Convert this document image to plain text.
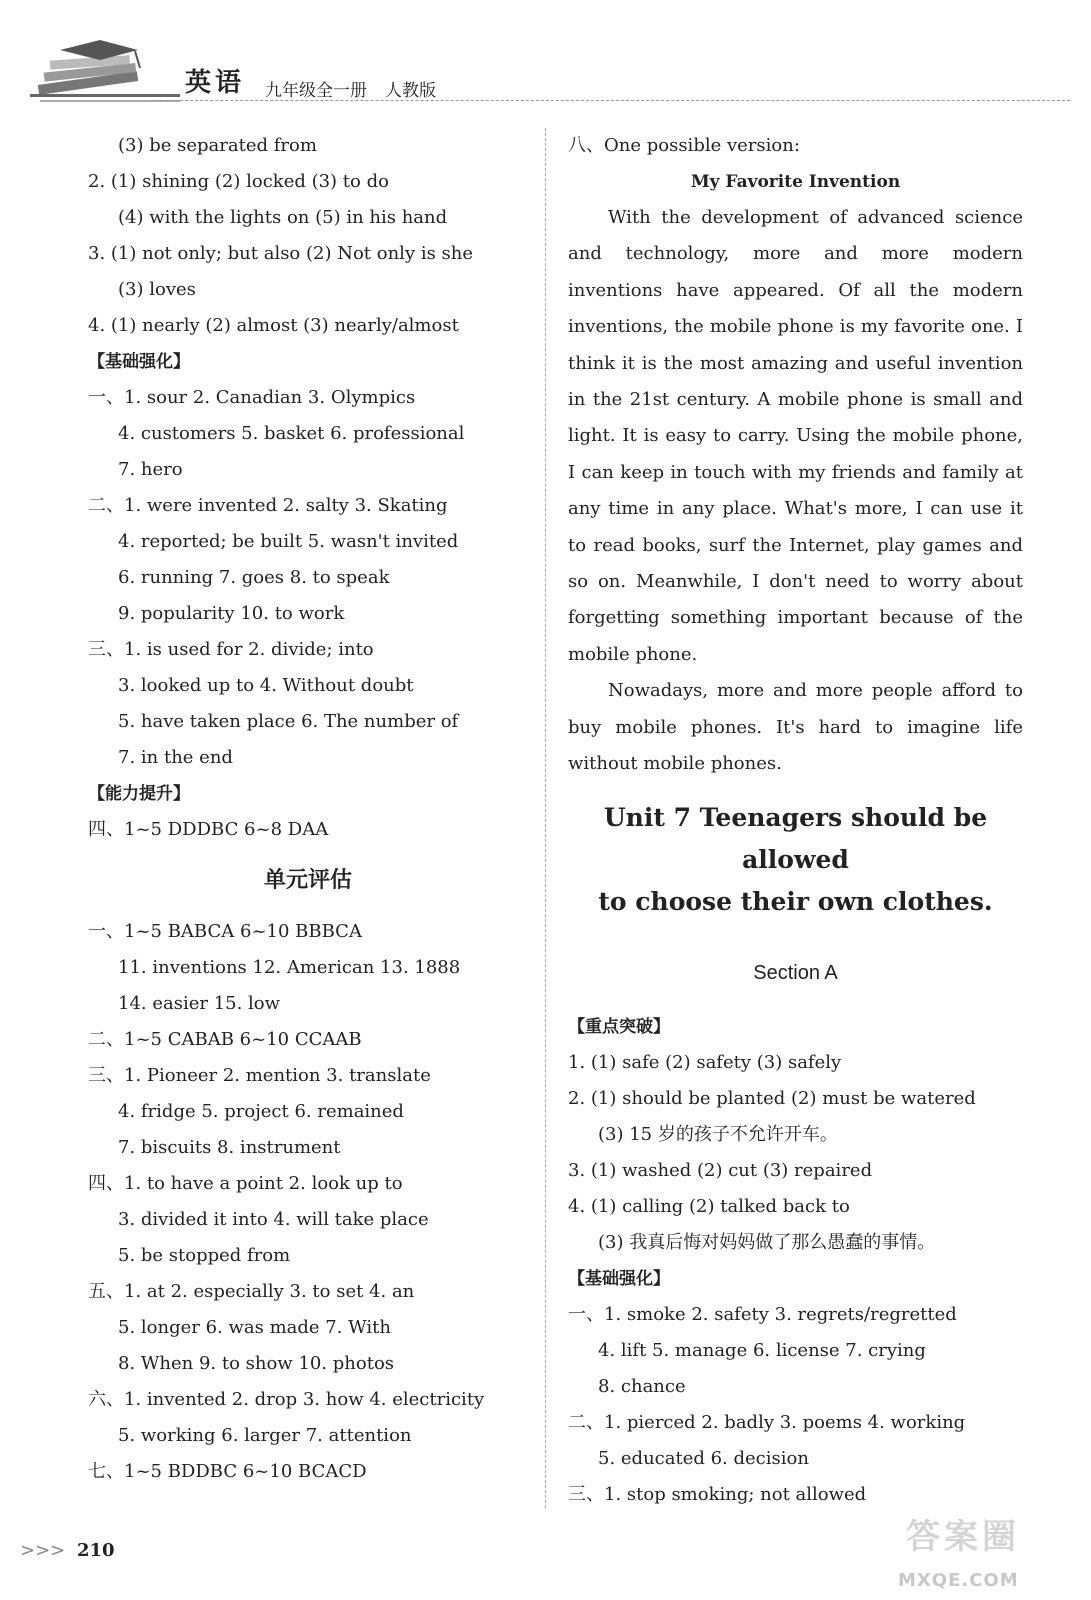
英语 九年级全一册 人教版
(3) be separated from
2. (1) shining (2) locked (3) to do
(4) with the lights on (5) in his hand
3. (1) not only; but also (2) Not only is she
(3) loves
4. (1) nearly (2) almost (3) nearly/almost
【基础强化】
一、1. sour 2. Canadian 3. Olympics
4. customers 5. basket 6. professional
7. hero
二、1. were invented 2. salty 3. Skating
4. reported; be built 5. wasn't invited
6. running 7. goes 8. to speak
9. popularity 10. to work
三、1. is used for 2. divide; into
3. looked up to 4. Without doubt
5. have taken place 6. The number of
7. in the end
【能力提升】
四、1~5 DDDBC 6~8 DAA
单元评估
一、1~5 BABCA 6~10 BBBCA
11. inventions 12. American 13. 1888
14. easier 15. low
二、1~5 CABAB 6~10 CCAAB
三、1. Pioneer 2. mention 3. translate
4. fridge 5. project 6. remained
7. biscuits 8. instrument
四、1. to have a point 2. look up to
3. divided it into 4. will take place
5. be stopped from
五、1. at 2. especially 3. to set 4. an
5. longer 6. was made 7. With
8. When 9. to show 10. photos
六、1. invented 2. drop 3. how 4. electricity
5. working 6. larger 7. attention
七、1~5 BDDBC 6~10 BCACD
八、One possible version:
My Favorite Invention

With the development of advanced science and technology, more and more modern inventions have appeared. Of all the modern inventions, the mobile phone is my favorite one. I think it is the most amazing and useful invention in the 21st century. A mobile phone is small and light. It is easy to carry. Using the mobile phone, I can keep in touch with my friends and family at any time in any place. What's more, I can use it to read books, surf the Internet, play games and so on. Meanwhile, I don't need to worry about forgetting something important because of the mobile phone.

Nowadays, more and more people afford to buy mobile phones. It's hard to imagine life without mobile phones.

Unit 7 Teenagers should be allowed
to choose their own clothes.
Section A
【重点突破】
1. (1) safe (2) safety (3) safely
2. (1) should be planted (2) must be watered
(3) 15 岁的孩子不允许开车。
3. (1) washed (2) cut (3) repaired
4. (1) calling (2) talked back to
(3) 我真后悔对妈妈做了那么愚蠢的事情。
【基础强化】
一、1. smoke 2. safety 3. regrets/regretted
4. lift 5. manage 6. license 7. crying
8. chance
二、1. pierced 2. badly 3. poems 4. working
5. educated 6. decision
三、1. stop smoking; not allowed
>>> 210	答案圈
MXQE.COM
